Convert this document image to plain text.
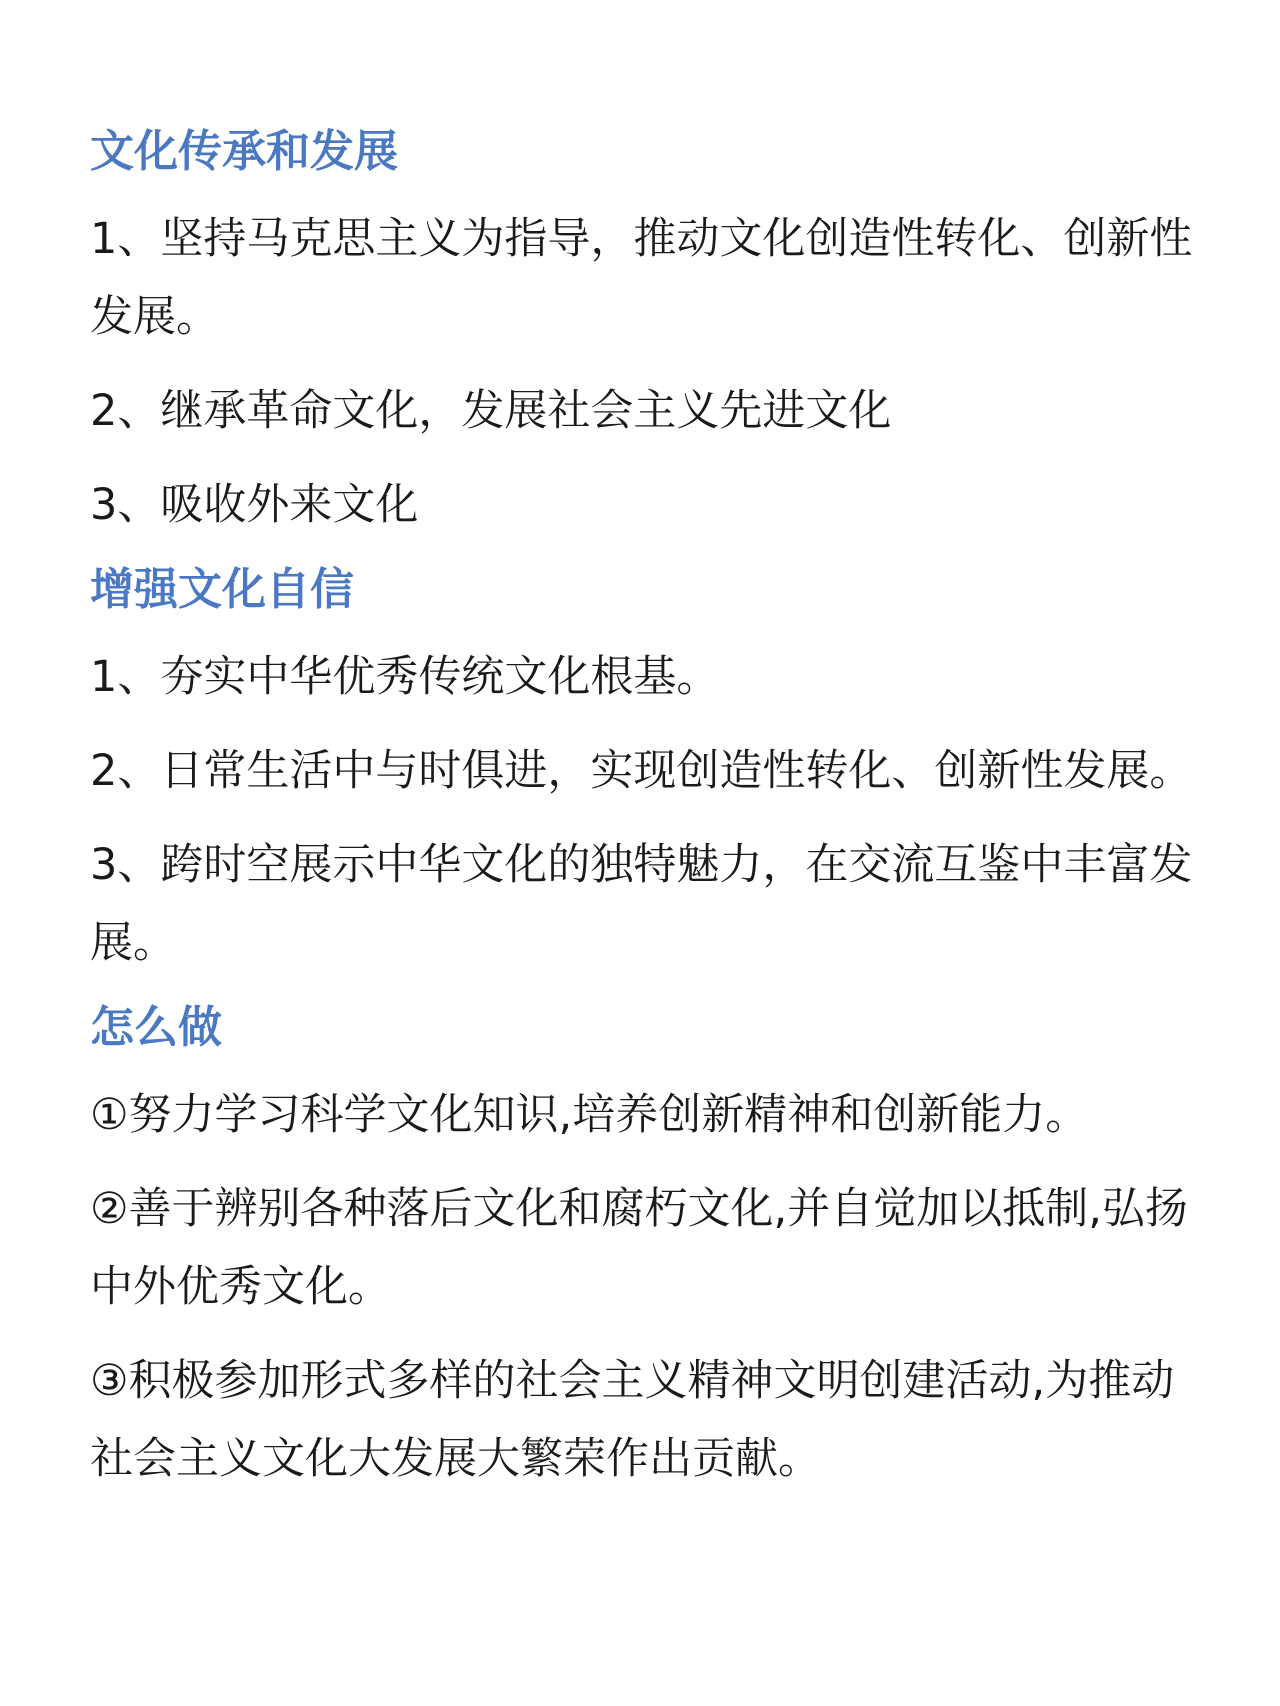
文化传承和发展

1、坚持马克思主义为指导，推动文化创造性转化、创新性发展。

2、继承革命文化，发展社会主义先进文化

3、吸收外来文化

增强文化自信

1、夯实中华优秀传统文化根基。

2、日常生活中与时俱进，实现创造性转化、创新性发展。

3、跨时空展示中华文化的独特魅力，在交流互鉴中丰富发展。

怎么做

①努力学习科学文化知识,培养创新精神和创新能力。

②善于辨别各种落后文化和腐朽文化,并自觉加以抵制,弘扬中外优秀文化。

③积极参加形式多样的社会主义精神文明创建活动,为推动社会主义文化大发展大繁荣作出贡献。
